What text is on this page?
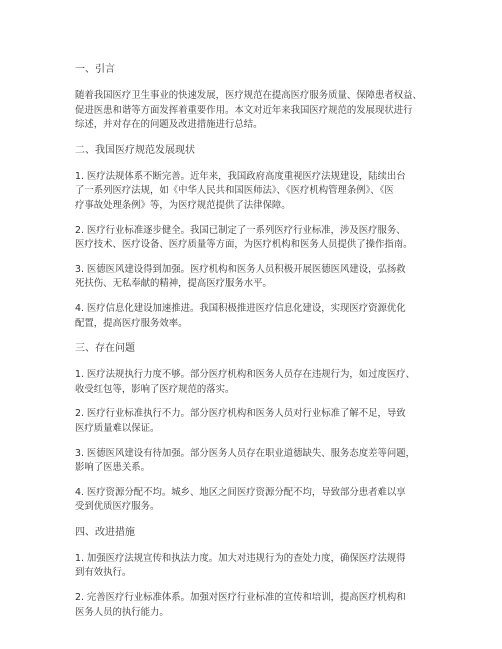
一、引言
随着我国医疗卫生事业的快速发展，医疗规范在提高医疗服务质量、保障患者权益、
促进医患和谐等方面发挥着重要作用。本文对近年来我国医疗规范的发展现状进行
综述，并对存在的问题及改进措施进行总结。
二、我国医疗规范发展现状
1. 医疗法规体系不断完善。近年来，我国政府高度重视医疗法规建设，陆续出台
了一系列医疗法规，如《中华人民共和国医师法》、《医疗机构管理条例》、《医
疗事故处理条例》等，为医疗规范提供了法律保障。
2. 医疗行业标准逐步健全。我国已制定了一系列医疗行业标准，涉及医疗服务、
医疗技术、医疗设备、医疗质量等方面，为医疗机构和医务人员提供了操作指南。
3. 医德医风建设得到加强。医疗机构和医务人员积极开展医德医风建设，弘扬救
死扶伤、无私奉献的精神，提高医疗服务水平。
4. 医疗信息化建设加速推进。我国积极推进医疗信息化建设，实现医疗资源优化
配置，提高医疗服务效率。
三、存在问题
1. 医疗法规执行力度不够。部分医疗机构和医务人员存在违规行为，如过度医疗、
收受红包等，影响了医疗规范的落实。
2. 医疗行业标准执行不力。部分医疗机构和医务人员对行业标准了解不足，导致
医疗质量难以保证。
3. 医德医风建设有待加强。部分医务人员存在职业道德缺失、服务态度差等问题，
影响了医患关系。
4. 医疗资源分配不均。城乡、地区之间医疗资源分配不均，导致部分患者难以享
受到优质医疗服务。
四、改进措施
1. 加强医疗法规宣传和执法力度。加大对违规行为的查处力度，确保医疗法规得
到有效执行。
2. 完善医疗行业标准体系。加强对医疗行业标准的宣传和培训，提高医疗机构和
医务人员的执行能力。
